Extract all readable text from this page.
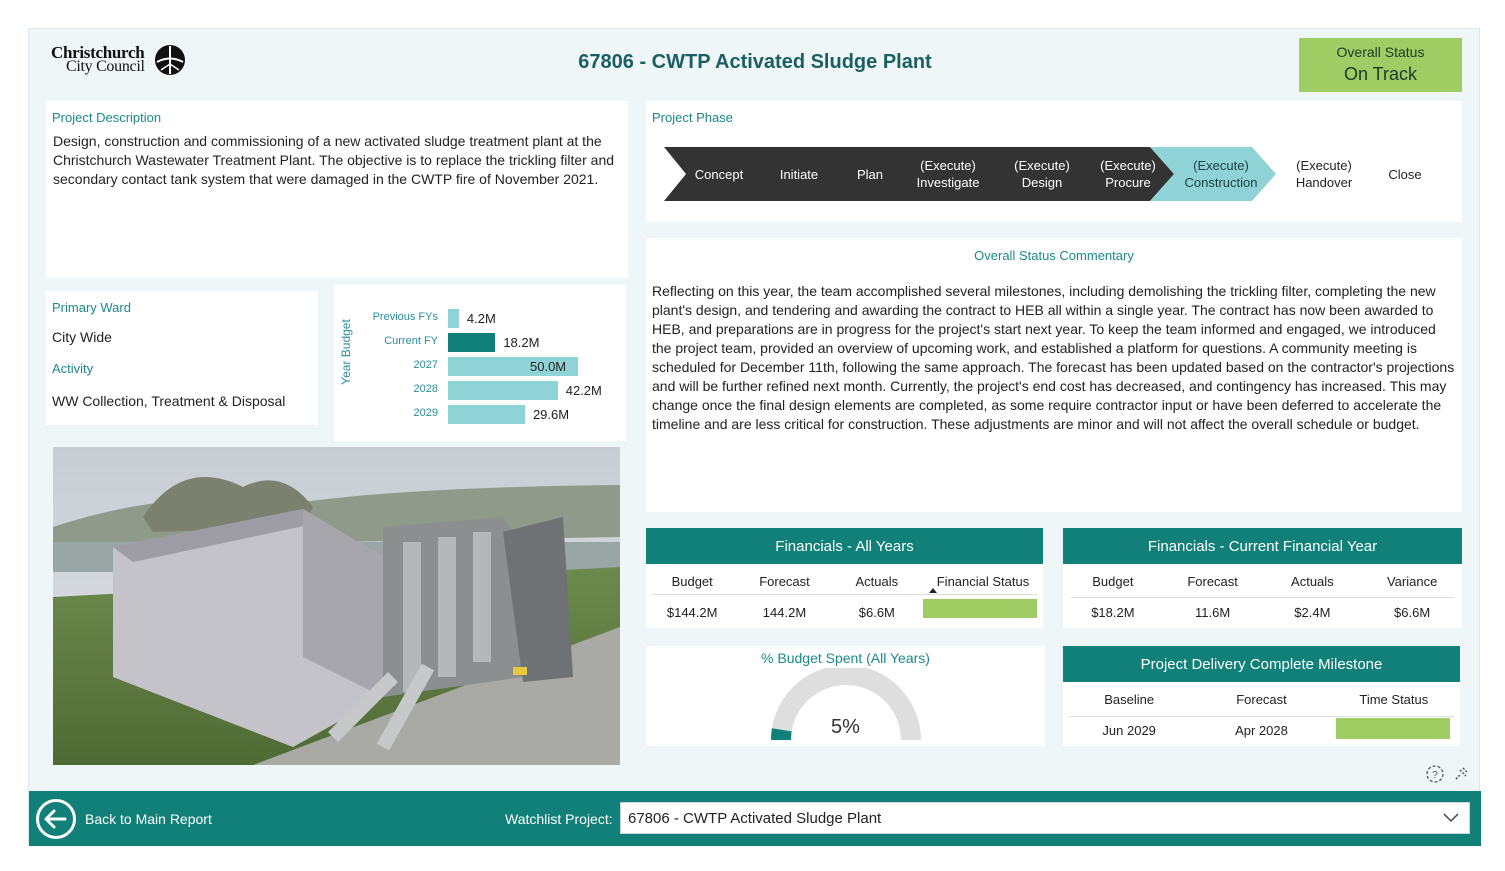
Christchurch
City Council	67806 - CWTP Activated Sludge Plant	Overall Status
On Track
Project Description
Design, construction and commissioning of a new activated sludge treatment plant at the Christchurch Wastewater Treatment Plant. The objective is to replace the trickling filter and secondary contact tank system that were damaged in the CWTP fire of November 2021.
Project Phase
Concept	Initiate	Plan
(Execute)
Investigate
(Execute)
Design
(Execute)
Procure
(Execute)
Construction
(Execute)
Handover
Close
Primary Ward
City Wide
Activity
WW Collection, Treatment & Disposal
Year Budget
Previous FYs 4.2M
Current FY	18.2M
2027	50.0M
2028	42.2M
2029	29.6M
Overall Status Commentary
Reflecting on this year, the team accomplished several milestones, including demolishing the trickling filter, completing the new plant's design, and tendering and awarding the contract to HEB all within a single year. The contract has now been awarded to HEB, and preparations are in progress for the project's start next year. To keep the team informed and engaged, we introduced the project team, provided an overview of upcoming work, and established a platform for questions. A community meeting is scheduled for December 11th, following the same approach. The forecast has been updated based on the contractor's projections and will be further refined next month. Currently, the project's end cost has decreased, and contingency has increased. This may change once the final design elements are completed, as some require contractor input or have been deferred to accelerate the timeline and are less critical for construction. These adjustments are minor and will not affect the overall schedule or budget.
Financials - All Years
Budget	Forecast	Actuals	Financial Status
$144.2M	144.2M	$6.6M
Financials - Current Financial Year
Budget	Forecast	Actuals	Variance
$18.2M	11.6M	$2.4M	$6.6M
% Budget Spent (All Years)
5%
Project Delivery Complete Milestone
Baseline	Forecast	Time Status
Jun 2029	Apr 2028
?
Back to Main Report	Watchlist Project: 67806 - CWTP Activated Sludge Plant
